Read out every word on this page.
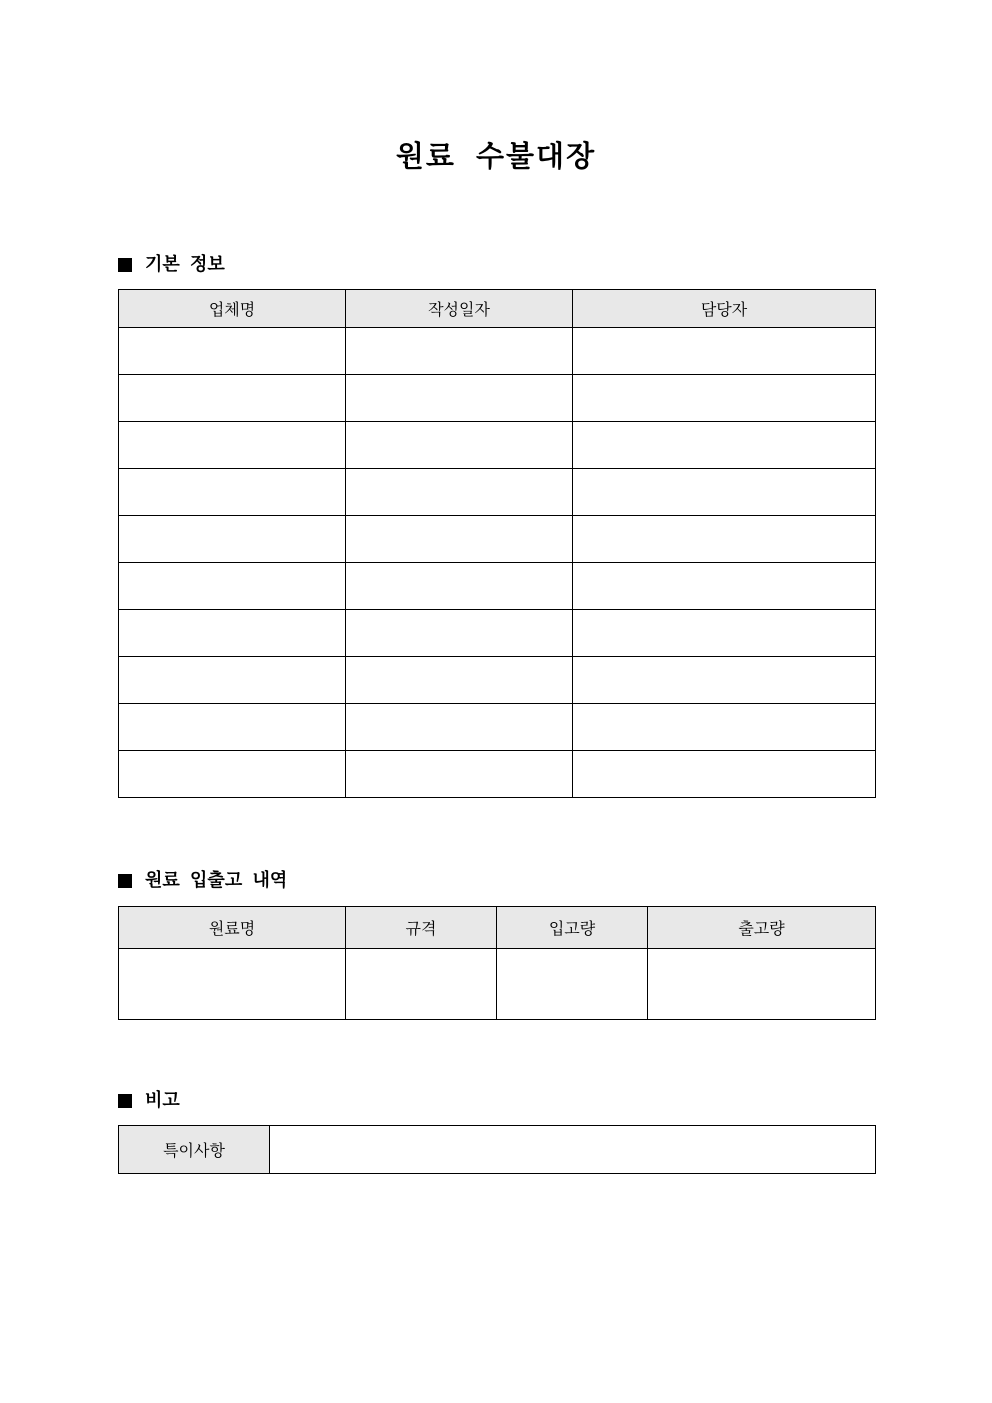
원료 수불대장
기본 정보
업체명	작성일자	담당자

원료 입출고 내역
원료명	규격	입고량	출고량

비고
특이사항	
